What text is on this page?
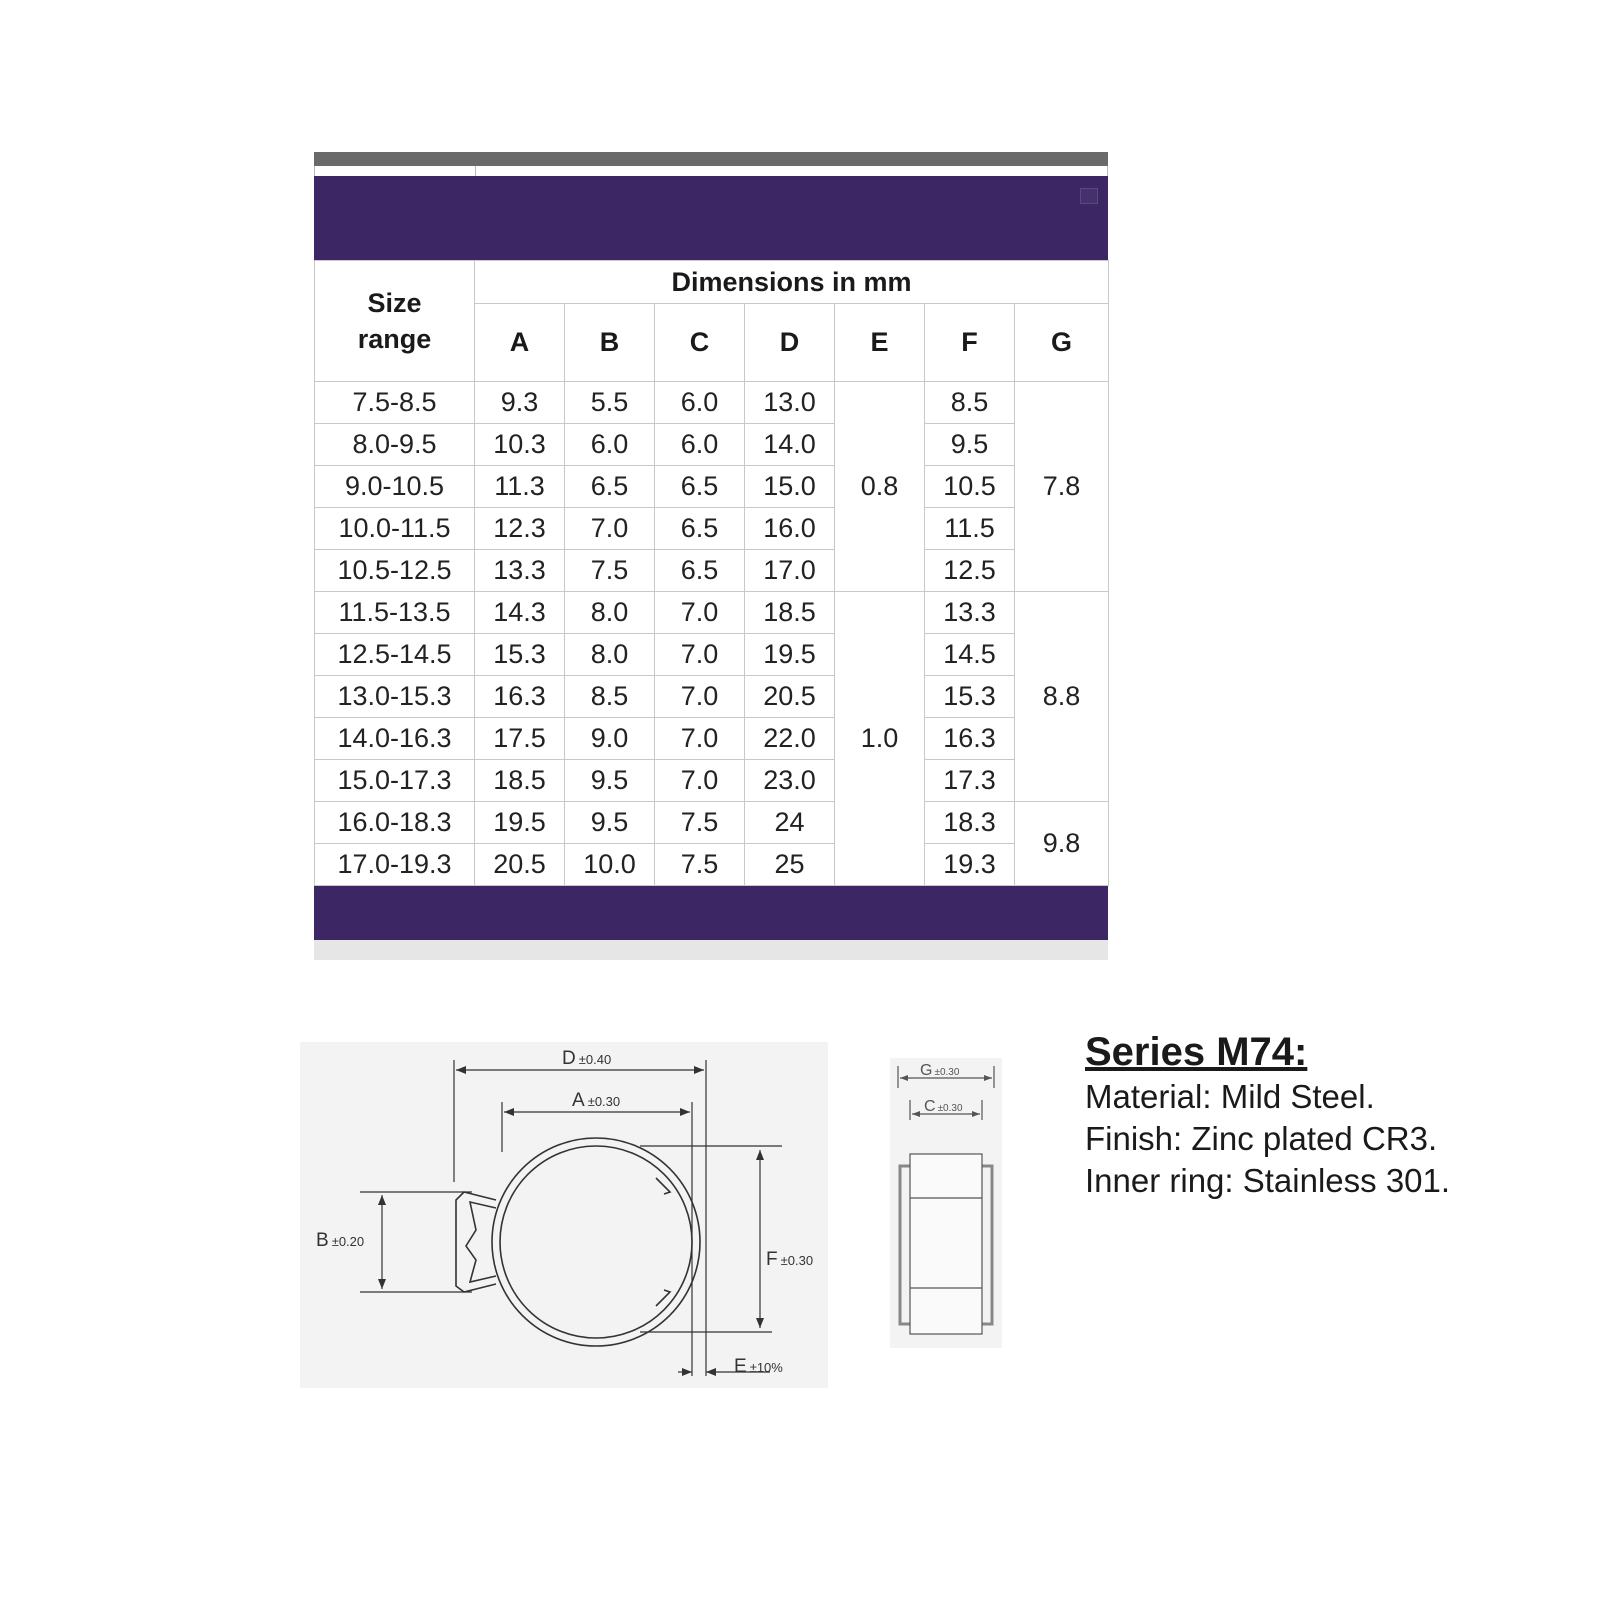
Size
range	Dimensions in mm						
	A	B	C	D	E	F	G
7.5-8.5	9.3	5.5	6.0	13.0	0.8	8.5	7.8
8.0-9.5	10.3	6.0	6.0	14.0		9.5	
9.0-10.5	11.3	6.5	6.5	15.0		10.5	
10.0-11.5	12.3	7.0	6.5	16.0		11.5	
10.5-12.5	13.3	7.5	6.5	17.0		12.5	
11.5-13.5	14.3	8.0	7.0	18.5	1.0	13.3	8.8
12.5-14.5	15.3	8.0	7.0	19.5		14.5	
13.0-15.3	16.3	8.5	7.0	20.5		15.3	
14.0-16.3	17.5	9.0	7.0	22.0		16.3	
15.0-17.3	18.5	9.5	7.0	23.0		17.3	
16.0-18.3	19.5	9.5	7.5	24		18.3	9.8
17.0-19.3	20.5	10.0	7.5	25		19.3	
D ±0.40
A ±0.30
B ±0.20
F ±0.30
E ±10%
G ±0.30
C ±0.30

Series M74:

Material: Mild Steel.

Finish: Zinc plated CR3.

Inner ring: Stainless 301.
